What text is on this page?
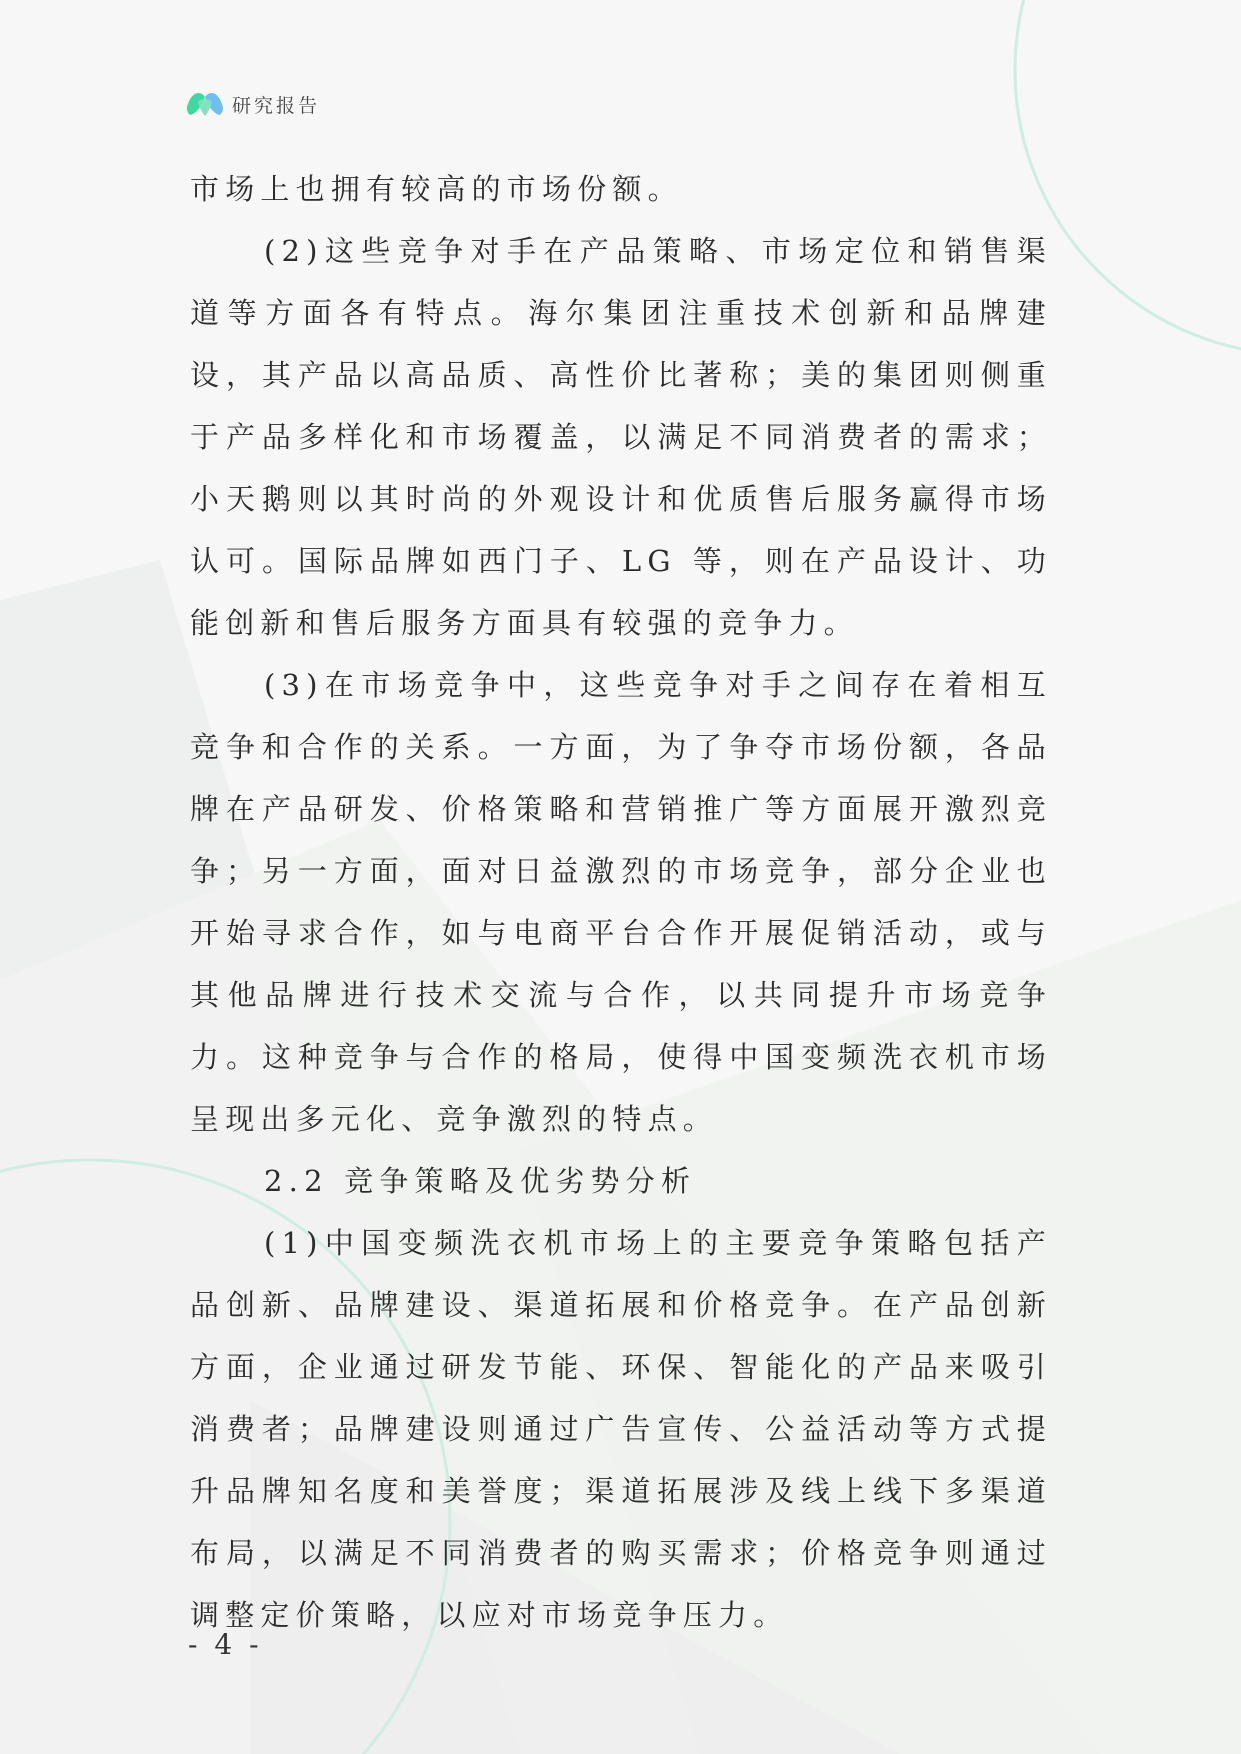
研究报告

市场上也拥有较高的市场份额。

(2)这些竞争对手在产品策略、市场定位和销售渠道等方面各有特点。海尔集团注重技术创新和品牌建设，其产品以高品质、高性价比著称；美的集团则侧重于产品多样化和市场覆盖，以满足不同消费者的需求；小天鹅则以其时尚的外观设计和优质售后服务赢得市场认可。国际品牌如西门子、LG 等，则在产品设计、功能创新和售后服务方面具有较强的竞争力。

(3)在市场竞争中，这些竞争对手之间存在着相互竞争和合作的关系。一方面，为了争夺市场份额，各品牌在产品研发、价格策略和营销推广等方面展开激烈竞争；另一方面，面对日益激烈的市场竞争，部分企业也开始寻求合作，如与电商平台合作开展促销活动，或与其他品牌进行技术交流与合作，以共同提升市场竞争力。这种竞争与合作的格局，使得中国变频洗衣机市场呈现出多元化、竞争激烈的特点。

2.2 竞争策略及优劣势分析

(1)中国变频洗衣机市场上的主要竞争策略包括产品创新、品牌建设、渠道拓展和价格竞争。在产品创新方面，企业通过研发节能、环保、智能化的产品来吸引消费者；品牌建设则通过广告宣传、公益活动等方式提升品牌知名度和美誉度；渠道拓展涉及线上线下多渠道布局，以满足不同消费者的购买需求；价格竞争则通过调整定价策略，以应对市场竞争压力。

- 4 -
